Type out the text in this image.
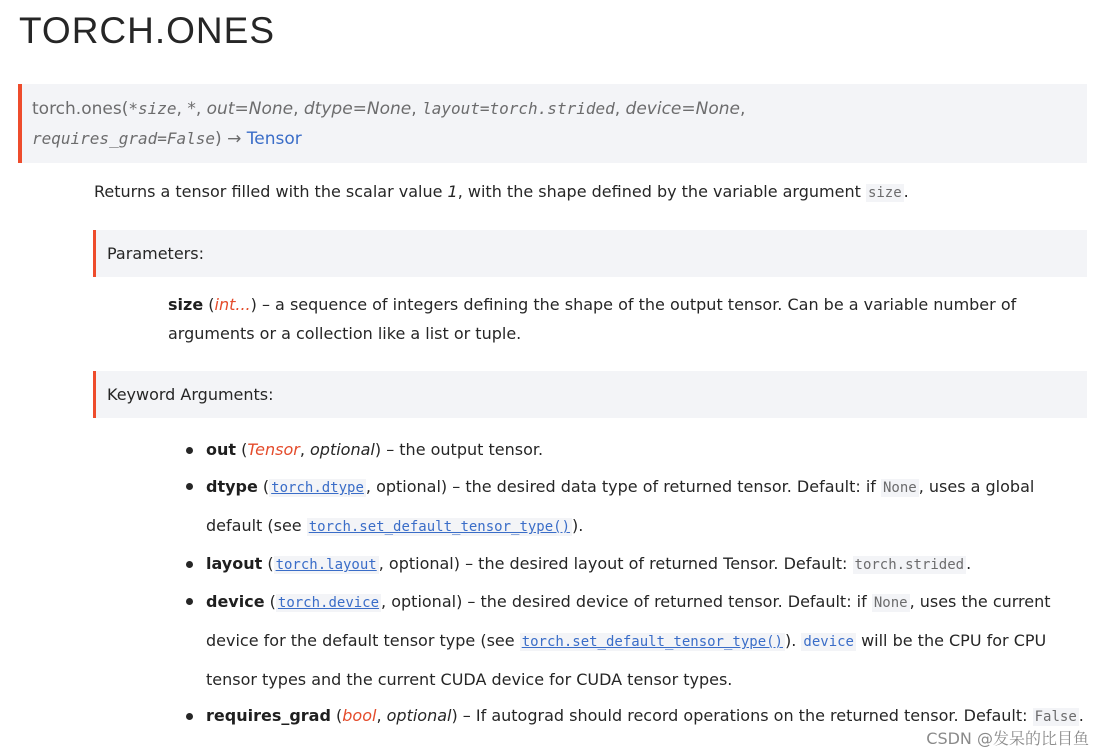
TORCH.ONES
torch.ones(*size, *, out=None, dtype=None, layout=torch.strided, device=None,
requires_grad=False) → Tensor
Returns a tensor filled with the scalar value 1, with the shape defined by the variable argument size .
Parameters:
size (int...) – a sequence of integers defining the shape of the output tensor. Can be a variable number of arguments or a collection like a list or tuple.
Keyword Arguments:
out (Tensor, optional) – the output tensor.
dtype ( torch.dtype , optional) – the desired data type of returned tensor. Default: if None , uses a global default (see torch.set_default_tensor_type() ).
layout ( torch.layout , optional) – the desired layout of returned Tensor. Default: torch.strided .
device ( torch.device , optional) – the desired device of returned tensor. Default: if None , uses the current device for the default tensor type (see torch.set_default_tensor_type() ). device will be the CPU for CPU tensor types and the current CUDA device for CUDA tensor types.
requires_grad (bool, optional) – If autograd should record operations on the returned tensor. Default: False .
CSDN @发呆的比目鱼
